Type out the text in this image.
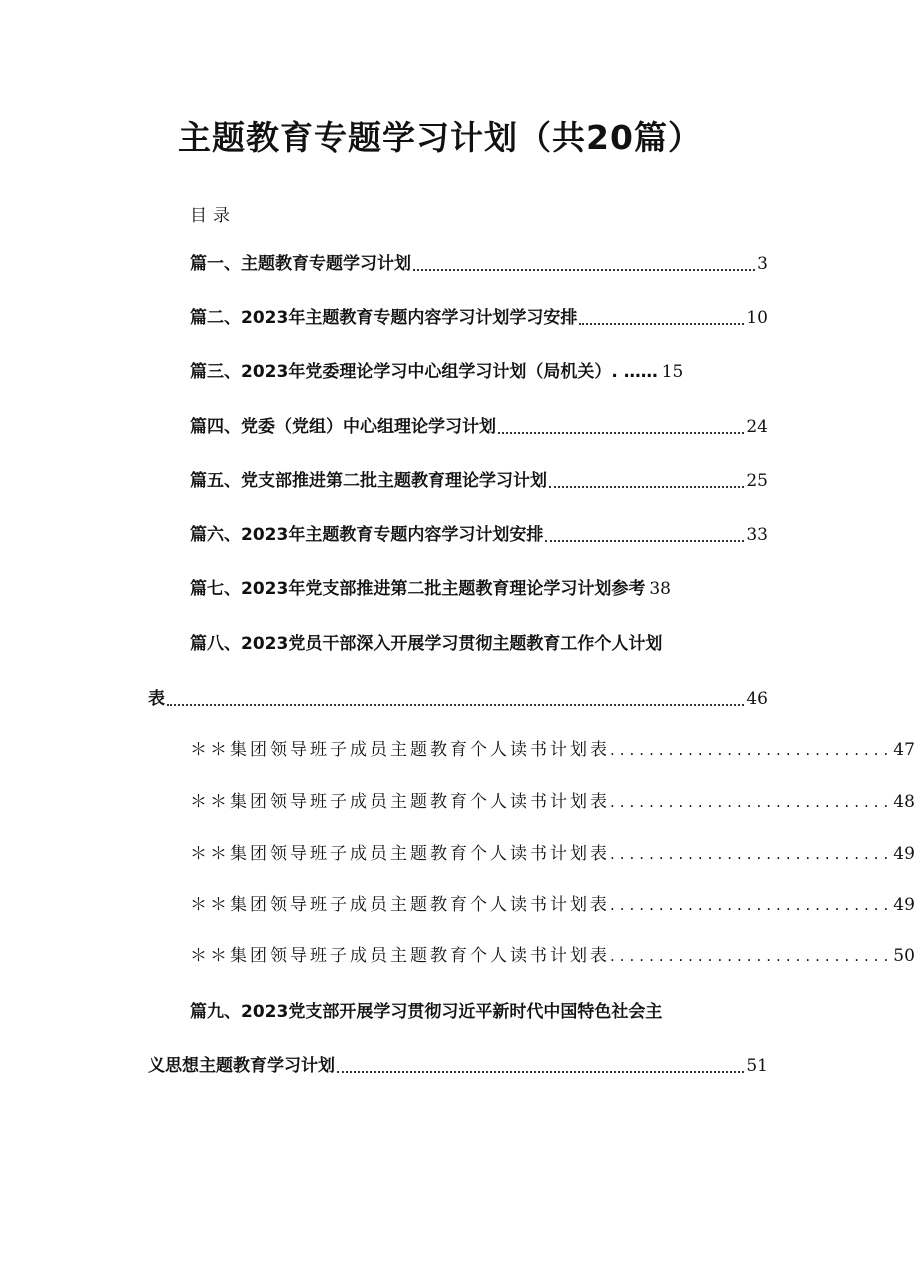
主题教育专题学习计划（共20篇）
目录
篇一、主题教育专题学习计划	3
篇二、2023年主题教育专题内容学习计划学习安排	10
篇三、2023年党委理论学习中心组学习计划（局机关）. …… 15
篇四、党委（党组）中心组理论学习计划	24
篇五、党支部推进第二批主题教育理论学习计划	25
篇六、2023年主题教育专题内容学习计划安排	33
篇七、2023年党支部推进第二批主题教育理论学习计划参考 38
篇八、2023党员干部深入开展学习贯彻主题教育工作个人计划
表	46
＊＊集团领导班子成员主题教育个人读书计划表 ............................. 47
＊＊集团领导班子成员主题教育个人读书计划表 ............................. 48
＊＊集团领导班子成员主题教育个人读书计划表 ............................. 49
＊＊集团领导班子成员主题教育个人读书计划表 ............................. 49
＊＊集团领导班子成员主题教育个人读书计划表 ............................. 50
篇九、2023党支部开展学习贯彻习近平新时代中国特色社会主
义思想主题教育学习计划	51
